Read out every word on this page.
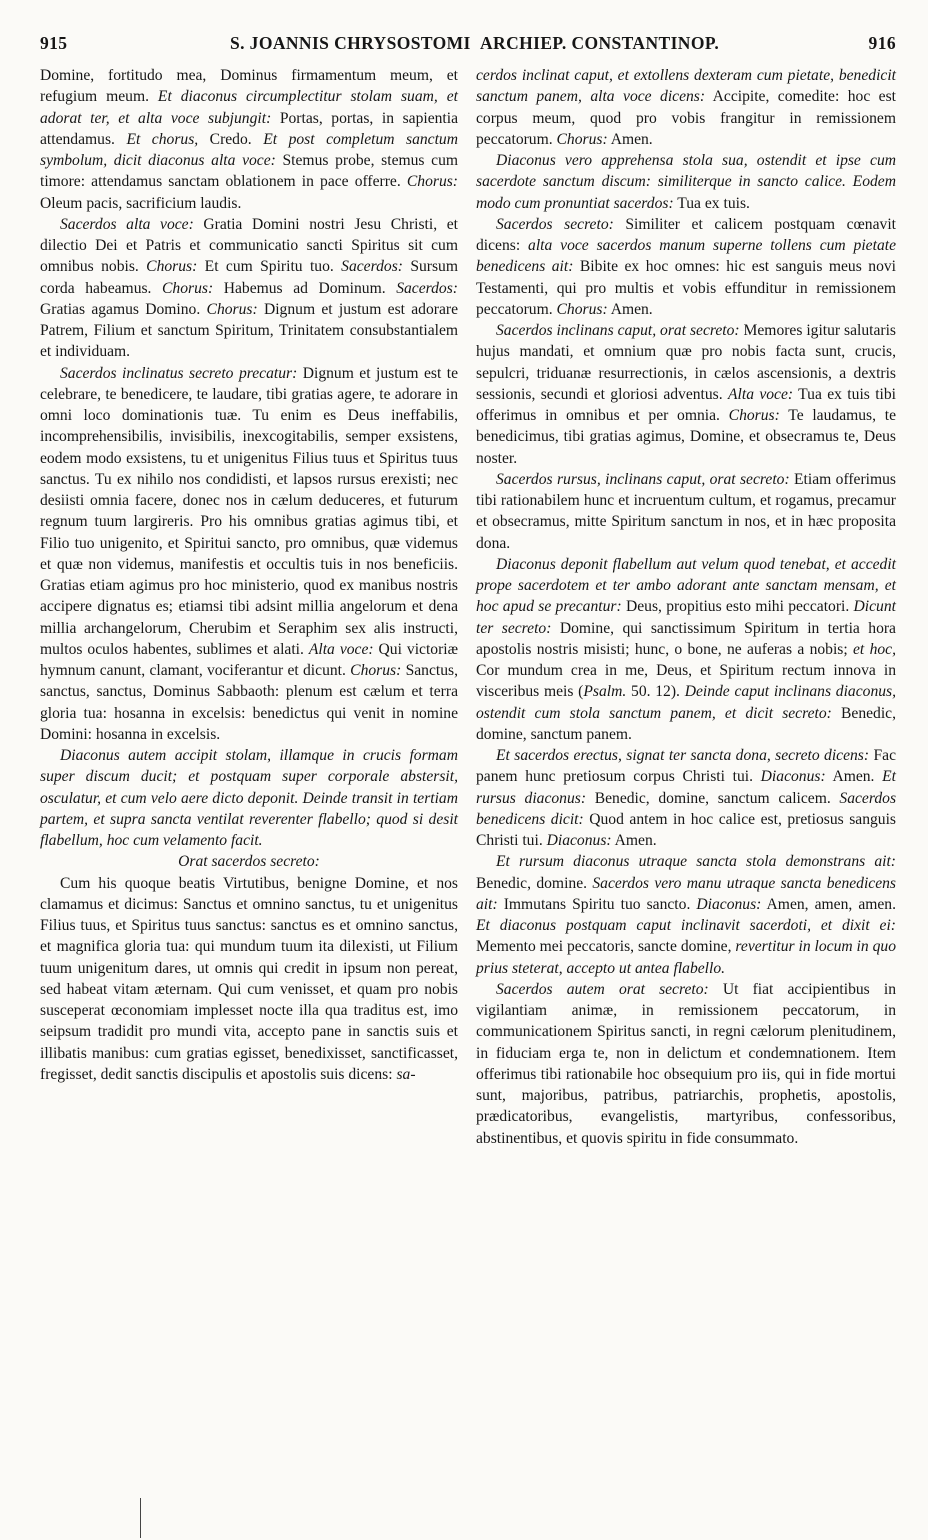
915	S. JOANNIS CHRYSOSTOMI ARCHIEP. CONSTANTINOP.	916

Domine, fortitudo mea, Dominus firmamentum meum, et refugium meum. Et diaconus circumplectitur stolam suam, et adorat ter, et alta voce subjungit: Portas, portas, in sapientia attendamus. Et chorus, Credo. Et post completum sanctum symbolum, dicit diaconus alta voce: Stemus probe, stemus cum timore: attendamus sanctam oblationem in pace offerre. Chorus: Oleum pacis, sacrificium laudis.

Sacerdos alta voce: Gratia Domini nostri Jesu Christi, et dilectio Dei et Patris et communicatio sancti Spiritus sit cum omnibus nobis. Chorus: Et cum Spiritu tuo. Sacerdos: Sursum corda habeamus. Chorus: Habemus ad Dominum. Sacerdos: Gratias agamus Domino. Chorus: Dignum et justum est adorare Patrem, Filium et sanctum Spiritum, Trinitatem consubstantialem et individuam.

Sacerdos inclinatus secreto precatur: Dignum et justum est te celebrare, te benedicere, te laudare, tibi gratias agere, te adorare in omni loco dominationis tuæ. Tu enim es Deus ineffabilis, incomprehensibilis, invisibilis, inexcogitabilis, semper exsistens, eodem modo exsistens, tu et unigenitus Filius tuus et Spiritus tuus sanctus. Tu ex nihilo nos condidisti, et lapsos rursus erexisti; nec desiisti omnia facere, donec nos in cælum deduceres, et futurum regnum tuum largireris. Pro his omnibus gratias agimus tibi, et Filio tuo unigenito, et Spiritui sancto, pro omnibus, quæ videmus et quæ non videmus, manifestis et occultis tuis in nos beneficiis. Gratias etiam agimus pro hoc ministerio, quod ex manibus nostris accipere dignatus es; etiamsi tibi adsint millia angelorum et dena millia archangelorum, Cherubim et Seraphim sex alis instructi, multos oculos habentes, sublimes et alati. Alta voce: Qui victoriæ hymnum canunt, clamant, vociferantur et dicunt. Chorus: Sanctus, sanctus, sanctus, Dominus Sabbaoth: plenum est cælum et terra gloria tua: hosanna in excelsis: benedictus qui venit in nomine Domini: hosanna in excelsis.

Diaconus autem accipit stolam, illamque in crucis formam super discum ducit; et postquam super corporale abstersit, osculatur, et cum velo aere dicto deponit. Deinde transit in tertiam partem, et supra sancta ventilat reverenter flabello; quod si desit flabellum, hoc cum velamento facit.

Orat sacerdos secreto:

Cum his quoque beatis Virtutibus, benigne Domine, et nos clamamus et dicimus: Sanctus et omnino sanctus, tu et unigenitus Filius tuus, et Spiritus tuus sanctus: sanctus es et omnino sanctus, et magnifica gloria tua: qui mundum tuum ita dilexisti, ut Filium tuum unigenitum dares, ut omnis qui credit in ipsum non pereat, sed habeat vitam æternam. Qui cum venisset, et quam pro nobis susceperat œconomiam implesset nocte illa qua traditus est, imo seipsum tradidit pro mundi vita, accepto pane in sanctis suis et illibatis manibus: cum gratias egisset, benedixisset, sanctificasset, fregisset, dedit sanctis discipulis et apostolis suis dicens: sa-

cerdos inclinat caput, et extollens dexteram cum pietate, benedicit sanctum panem, alta voce dicens: Accipite, comedite: hoc est corpus meum, quod pro vobis frangitur in remissionem peccatorum. Chorus: Amen.

Diaconus vero apprehensa stola sua, ostendit et ipse cum sacerdote sanctum discum: similiterque in sancto calice. Eodem modo cum pronuntiat sacerdos: Tua ex tuis.

Sacerdos secreto: Similiter et calicem postquam cœnavit dicens: alta voce sacerdos manum superne tollens cum pietate benedicens ait: Bibite ex hoc omnes: hic est sanguis meus novi Testamenti, qui pro multis et vobis effunditur in remissionem peccatorum. Chorus: Amen.

Sacerdos inclinans caput, orat secreto: Memores igitur salutaris hujus mandati, et omnium quæ pro nobis facta sunt, crucis, sepulcri, triduanæ resurrectionis, in cælos ascensionis, a dextris sessionis, secundi et gloriosi adventus. Alta voce: Tua ex tuis tibi offerimus in omnibus et per omnia. Chorus: Te laudamus, te benedicimus, tibi gratias agimus, Domine, et obsecramus te, Deus noster.

Sacerdos rursus, inclinans caput, orat secreto: Etiam offerimus tibi rationabilem hunc et incruentum cultum, et rogamus, precamur et obsecramus, mitte Spiritum sanctum in nos, et in hæc proposita dona.

Diaconus deponit flabellum aut velum quod tenebat, et accedit prope sacerdotem et ter ambo adorant ante sanctam mensam, et hoc apud se precantur: Deus, propitius esto mihi peccatori. Dicunt ter secreto: Domine, qui sanctissimum Spiritum in tertia hora apostolis nostris misisti; hunc, o bone, ne auferas a nobis; et hoc, Cor mundum crea in me, Deus, et Spiritum rectum innova in visceribus meis (Psalm. 50. 12). Deinde caput inclinans diaconus, ostendit cum stola sanctum panem, et dicit secreto: Benedic, domine, sanctum panem.

Et sacerdos erectus, signat ter sancta dona, secreto dicens: Fac panem hunc pretiosum corpus Christi tui. Diaconus: Amen. Et rursus diaconus: Benedic, domine, sanctum calicem. Sacerdos benedicens dicit: Quod antem in hoc calice est, pretiosus sanguis Christi tui. Diaconus: Amen.

Et rursum diaconus utraque sancta stola demonstrans ait: Benedic, domine. Sacerdos vero manu utraque sancta benedicens ait: Immutans Spiritu tuo sancto. Diaconus: Amen, amen, amen. Et diaconus postquam caput inclinavit sacerdoti, et dixit ei: Memento mei peccatoris, sancte domine, revertitur in locum in quo prius steterat, accepto ut antea flabello.

Sacerdos autem orat secreto: Ut fiat accipientibus in vigilantiam animæ, in remissionem peccatorum, in communicationem Spiritus sancti, in regni cælorum plenitudinem, in fiduciam erga te, non in delictum et condemnationem. Item offerimus tibi rationabile hoc obsequium pro iis, qui in fide mortui sunt, majoribus, patribus, patriarchis, prophetis, apostolis, prædicatoribus, evangelistis, martyribus, confessoribus, abstinentibus, et quovis spiritu in fide consummato.
